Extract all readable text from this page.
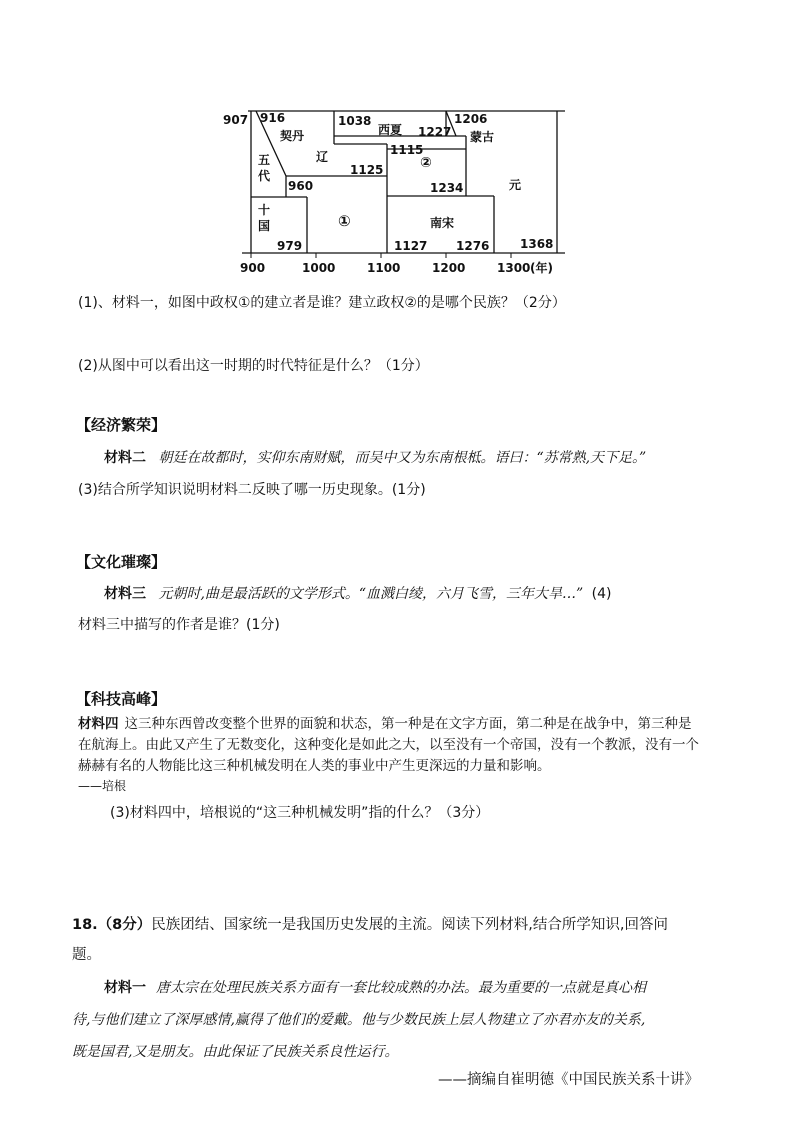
907 916
契丹
1038
西夏 1227
1206
蒙古
五
代
辽	1115
②
1125
960	1234	元
十
国	①	南宋
979	1127 1276	1368
900	1000	1100	1200	1300 (年)
(1)、材料一，如图中政权①的建立者是谁？建立政权②的是哪个民族？（2分）
(2)从图中可以看出这一时期的时代特征是什么？（1分）
【经济繁荣】
材料二 朝廷在故都时，实仰东南财赋，而吴中又为东南根柢。语曰：“苏常熟,天下足。”
(3)结合所学知识说明材料二反映了哪一历史现象。(1分)
【文化璀璨】
材料三 元朝时,曲是最活跃的文学形式。“血溅白绫，六月飞雪，三年大旱…” (4)
材料三中描写的作者是谁？(1分)
【科技高峰】
材料四 这三种东西曾改变整个世界的面貌和状态，第一种是在文字方面，第二种是在战争中，第三种是
在航海上。由此又产生了无数变化，这种变化是如此之大，以至没有一个帝国，没有一个教派，没有一个
赫赫有名的人物能比这三种机械发明在人类的事业中产生更深远的力量和影响。
——培根
(3)材料四中，培根说的“这三种机械发明”指的什么？（3分）
18.（8分）民族团结、国家统一是我国历史发展的主流。阅读下列材料,结合所学知识,回答问
题。
材料一 唐太宗在处理民族关系方面有一套比较成熟的办法。最为重要的一点就是真心相
待,与他们建立了深厚感情,赢得了他们的爱戴。他与少数民族上层人物建立了亦君亦友的关系,
既是国君,又是朋友。由此保证了民族关系良性运行。
——摘编自崔明德《中国民族关系十讲》
